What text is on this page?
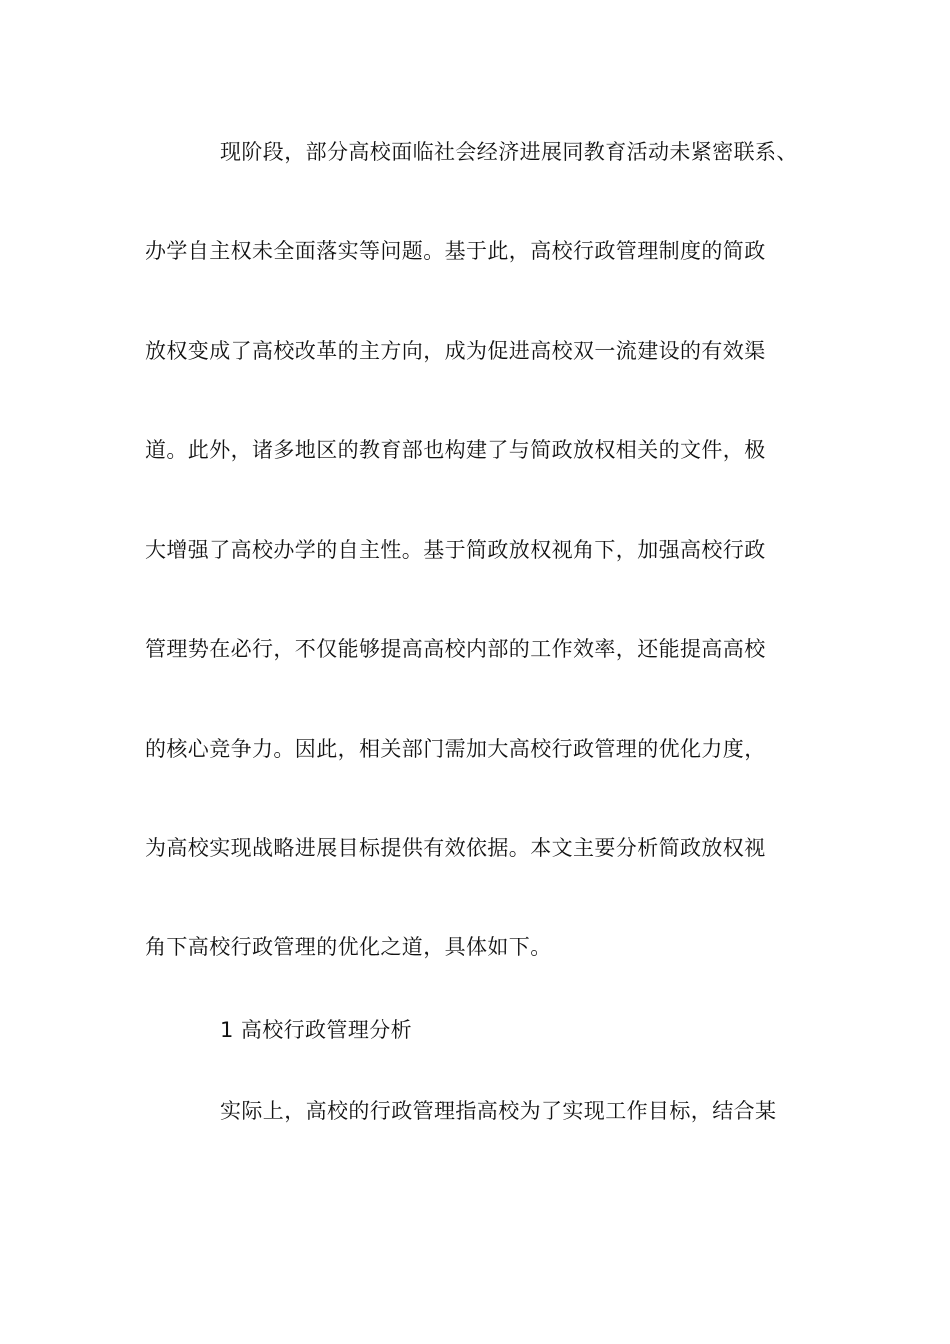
现阶段，部分高校面临社会经济进展同教育活动未紧密联系、
办学自主权未全面落实等问题。基于此，高校行政管理制度的简政
放权变成了高校改革的主方向，成为促进高校双一流建设的有效渠
道。此外，诸多地区的教育部也构建了与简政放权相关的文件，极
大增强了高校办学的自主性。基于简政放权视角下，加强高校行政
管理势在必行，不仅能够提高高校内部的工作效率，还能提高高校
的核心竞争力。因此，相关部门需加大高校行政管理的优化力度，
为高校实现战略进展目标提供有效依据。本文主要分析简政放权视
角下高校行政管理的优化之道，具体如下。
1 高校行政管理分析
实际上，高校的行政管理指高校为了实现工作目标，结合某
